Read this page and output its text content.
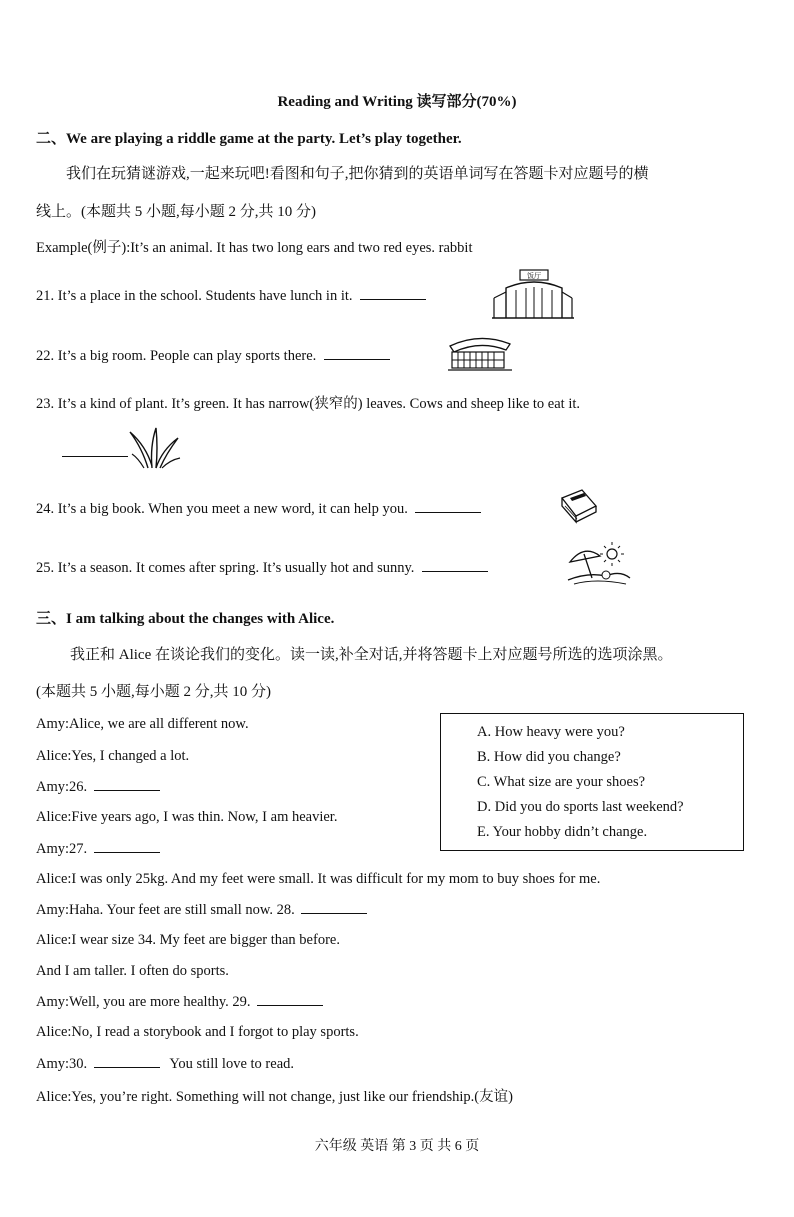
Reading and Writing 读写部分(70%)
二、We are playing a riddle game at the party. Let’s play together.
我们在玩猜谜游戏,一起来玩吧!看图和句子,把你猜到的英语单词写在答题卡对应题号的横
线上。(本题共 5 小题,每小题 2 分,共 10 分)
Example(例子):It’s an animal. It has two long ears and two red eyes. rabbit
21. It’s a place in the school. Students have lunch in it.
饭厅
22. It’s a big room. People can play sports there.
23. It’s a kind of plant. It’s green. It has narrow(狭窄的) leaves. Cows and sheep like to eat it.
24. It’s a big book. When you meet a new word, it can help you.
25. It’s a season. It comes after spring. It’s usually hot and sunny.
三、I am talking about the changes with Alice.
我正和 Alice 在谈论我们的变化。读一读,补全对话,并将答题卡上对应题号所选的选项涂黑。
(本题共 5 小题,每小题 2 分,共 10 分)
A. How heavy were you?
B. How did you change?
C. What size are your shoes?
D. Did you do sports last weekend?
E. Your hobby didn’t change.
Amy:Alice, we are all different now.
Alice:Yes, I changed a lot.
Amy:26.
Alice:Five years ago, I was thin. Now, I am heavier.
Amy:27.
Alice:I was only 25kg. And my feet were small. It was difficult for my mom to buy shoes for me.
Amy:Haha. Your feet are still small now. 28.
Alice:I wear size 34. My feet are bigger than before.
And I am taller. I often do sports.
Amy:Well, you are more healthy. 29.
Alice:No, I read a storybook and I forgot to play sports.
Amy:30.	You still love to read.
Alice:Yes, you’re right. Something will not change, just like our friendship.(友谊)
六年级 英语 第 3 页 共 6 页
